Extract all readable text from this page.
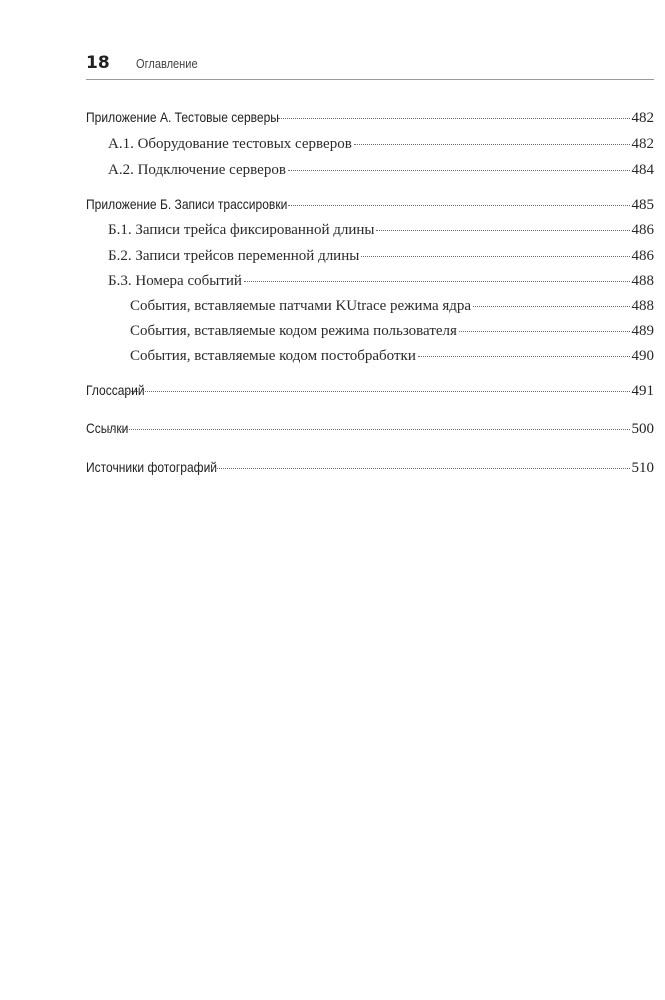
18 Оглавление
Приложение А. Тестовые серверы	482
А.1. Оборудование тестовых серверов	482
А.2. Подключение серверов	484
Приложение Б. Записи трассировки	485
Б.1. Записи трейса фиксированной длины	486
Б.2. Записи трейсов переменной длины	486
Б.3. Номера событий	488
События, вставляемые патчами KUtrace режима ядра	488
События, вставляемые кодом режима пользователя	489
События, вставляемые кодом постобработки	490
Глоссарий	491
Ссылки	500
Источники фотографий	510
